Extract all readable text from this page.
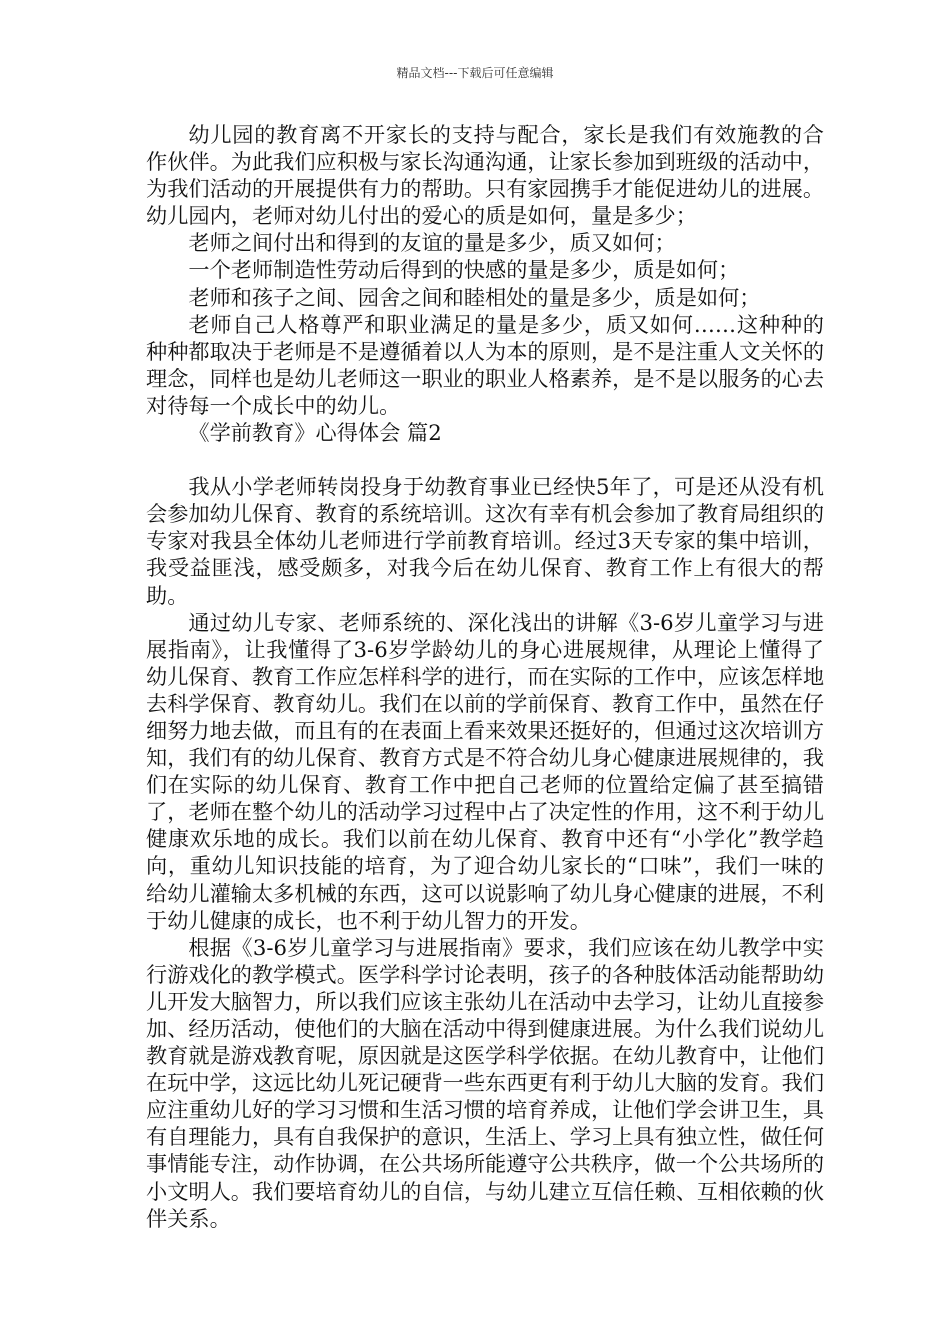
精品文档---下载后可任意编辑

幼儿园的教育离不开家长的支持与配合，家长是我们有效施教的合作伙伴。为此我们应积极与家长沟通沟通，让家长参加到班级的活动中，为我们活动的开展提供有力的帮助。只有家园携手才能促进幼儿的进展。幼儿园内，老师对幼儿付出的爱心的质是如何，量是多少；

老师之间付出和得到的友谊的量是多少，质又如何；

一个老师制造性劳动后得到的快感的量是多少，质是如何；

老师和孩子之间、园舍之间和睦相处的量是多少，质是如何；

老师自己人格尊严和职业满足的量是多少，质又如何……这种种的种种都取决于老师是不是遵循着以人为本的原则，是不是注重人文关怀的理念，同样也是幼儿老师这一职业的职业人格素养，是不是以服务的心去对待每一个成长中的幼儿。

《学前教育》心得体会 篇2

我从小学老师转岗投身于幼教育事业已经快5年了，可是还从没有机会参加幼儿保育、教育的系统培训。这次有幸有机会参加了教育局组织的专家对我县全体幼儿老师进行学前教育培训。经过3天专家的集中培训，我受益匪浅，感受颇多，对我今后在幼儿保育、教育工作上有很大的帮助。

通过幼儿专家、老师系统的、深化浅出的讲解《3-6岁儿童学习与进展指南》，让我懂得了3-6岁学龄幼儿的身心进展规律，从理论上懂得了幼儿保育、教育工作应怎样科学的进行，而在实际的工作中，应该怎样地去科学保育、教育幼儿。我们在以前的学前保育、教育工作中，虽然在仔细努力地去做，而且有的在表面上看来效果还挺好的，但通过这次培训方知，我们有的幼儿保育、教育方式是不符合幼儿身心健康进展规律的，我们在实际的幼儿保育、教育工作中把自己老师的位置给定偏了甚至搞错了，老师在整个幼儿的活动学习过程中占了决定性的作用，这不利于幼儿健康欢乐地的成长。我们以前在幼儿保育、教育中还有“小学化”教学趋向，重幼儿知识技能的培育，为了迎合幼儿家长的“口味”，我们一味的给幼儿灌输太多机械的东西，这可以说影响了幼儿身心健康的进展，不利于幼儿健康的成长，也不利于幼儿智力的开发。

根据《3-6岁儿童学习与进展指南》要求，我们应该在幼儿教学中实行游戏化的教学模式。医学科学讨论表明，孩子的各种肢体活动能帮助幼儿开发大脑智力，所以我们应该主张幼儿在活动中去学习，让幼儿直接参加、经历活动，使他们的大脑在活动中得到健康进展。为什么我们说幼儿教育就是游戏教育呢，原因就是这医学科学依据。在幼儿教育中，让他们在玩中学，这远比幼儿死记硬背一些东西更有利于幼儿大脑的发育。我们应注重幼儿好的学习习惯和生活习惯的培育养成，让他们学会讲卫生，具有自理能力，具有自我保护的意识，生活上、学习上具有独立性，做任何事情能专注，动作协调，在公共场所能遵守公共秩序，做一个公共场所的小文明人。我们要培育幼儿的自信，与幼儿建立互信任赖、互相依赖的伙伴关系。
